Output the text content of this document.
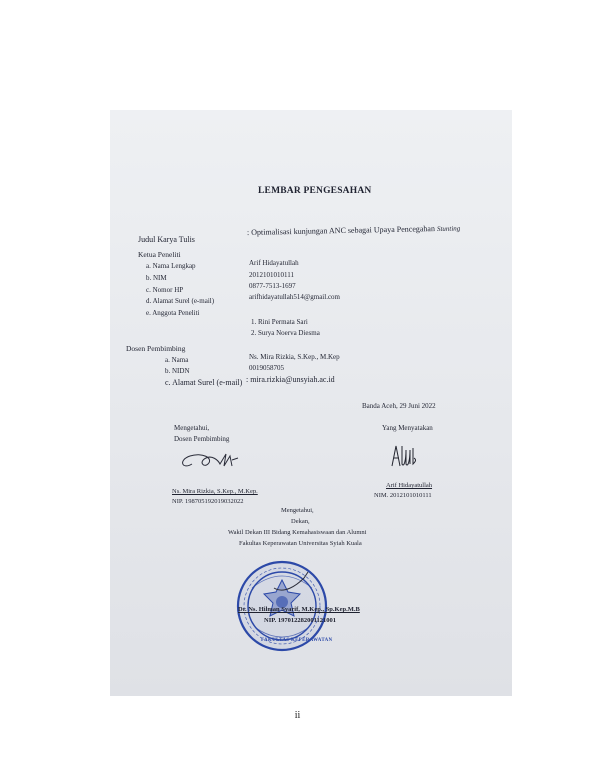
LEMBAR PENGESAHAN
Judul Karya Tulis
: Optimalisasi kunjungan ANC sebagai Upaya Pencegahan Stunting
Ketua Peneliti
a. Nama Lengkap	Arif Hidayatullah
b. NIM	2012101010111
c. Nomor HP	0877-7513-1697
d. Alamat Surel (e-mail)	arifhidayatullah514@gmail.com
e. Anggota Peneliti
1. Rini Permata Sari
2. Surya Noerva Diesma
Dosen Pembimbing
a. Nama	Ns. Mira Rizkia, S.Kep., M.Kep
b. NIDN	0019058705
c. Alamat Surel (e-mail) : mira.rizkia@unsyiah.ac.id
Banda Aceh, 29 Juni 2022
Mengetahui,
Dosen Pembimbing
Ns. Mira Rizkia, S.Kep., M.Kep.
NIP. 198705192019032022
Yang Menyatakan
Arif Hidayatullah
NIM. 2012101010111
Mengetahui,
Dekan,
Wakil Dekan III Bidang Kemahasiswaan dan Alumni
Fakultas Keperawatan Universitas Syiah Kuala
FAKULTAS KEPERAWATAN
Dr. Ns. Hilman Syarif, M.Kep., Sp.Kep.M.B
NIP. 197012282001121001
ii
